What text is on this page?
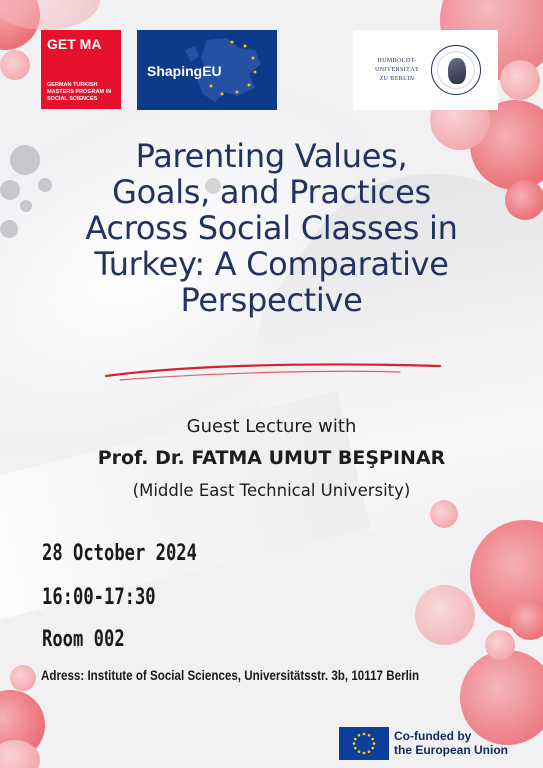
GET MA
GERMAN TURKISH MASTERS PROGRAM IN SOCIAL SCIENCES
ShapingEU
HUMBOLDT-
UNIVERSITÄT
ZU BERLIN
Parenting Values,
Goals, and Practices
Across Social Classes in
Turkey: A Comparative
Perspective
Guest Lecture with
Prof. Dr. FATMA UMUT BEŞPINAR
(Middle East Technical University)
28 October 2024
16:00-17:30
Room 002
Adress: Institute of Social Sciences, Universitätsstr. 3b, 10117 Berlin
Co-funded by
the European Union
